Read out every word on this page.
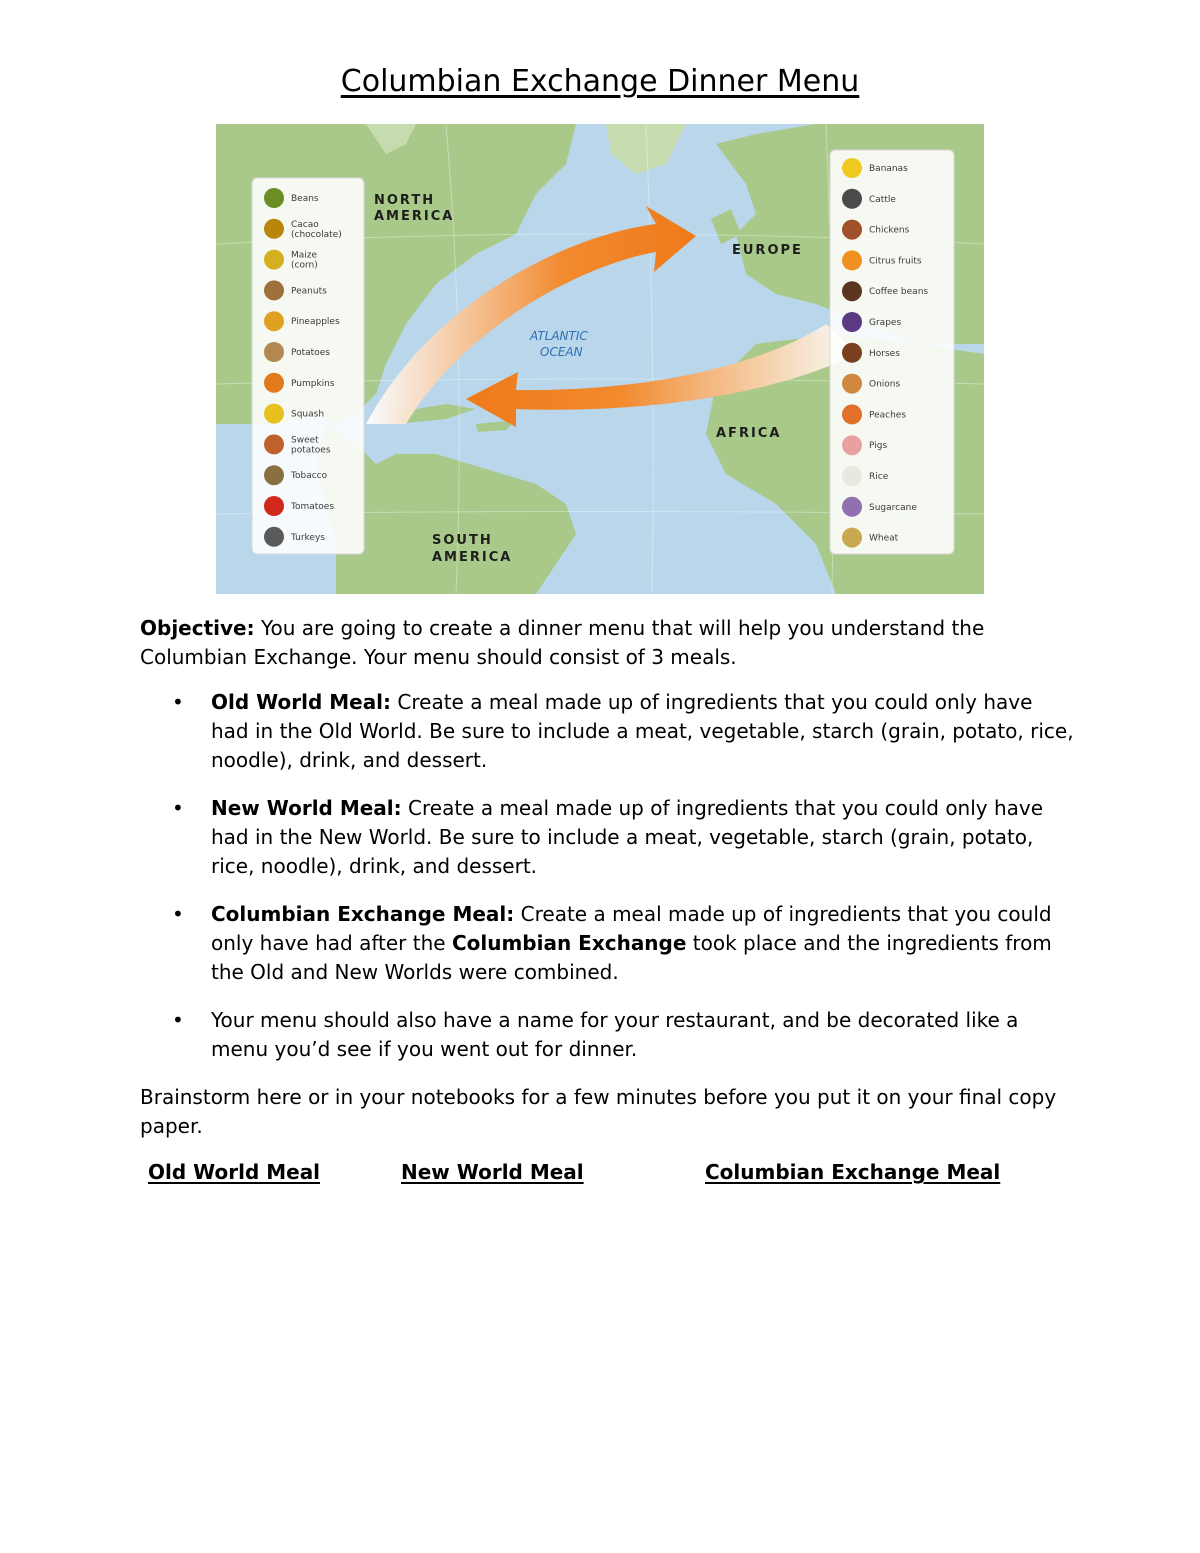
Columbian Exchange Dinner Menu
NORTH
AMERICA
EUROPE
AFRICA
SOUTH
AMERICA
ATLANTIC
OCEAN
Beans
Cacao
(chocolate)
Maize
(corn)
Peanuts
Pineapples
Potatoes
Pumpkins
Squash
Sweet
potatoes
Tobacco
Tomatoes
Turkeys
Bananas
Cattle
Chickens
Citrus fruits
Coffee beans
Grapes
Horses
Onions
Peaches
Pigs
Rice
Sugarcane
Wheat

Objective: You are going to create a dinner menu that will help you understand the Columbian Exchange. Your menu should consist of 3 meals.

• Old World Meal: Create a meal made up of ingredients that you could only have had in the Old World. Be sure to include a meat, vegetable, starch (grain, potato, rice, noodle), drink, and dessert.
• New World Meal: Create a meal made up of ingredients that you could only have had in the New World. Be sure to include a meat, vegetable, starch (grain, potato, rice, noodle), drink, and dessert.
• Columbian Exchange Meal: Create a meal made up of ingredients that you could only have had after the Columbian Exchange took place and the ingredients from the Old and New Worlds were combined.
• Your menu should also have a name for your restaurant, and be decorated like a menu you’d see if you went out for dinner.

Brainstorm here or in your notebooks for a few minutes before you put it on your final copy paper.

Old World Meal	New World Meal	Columbian Exchange Meal
